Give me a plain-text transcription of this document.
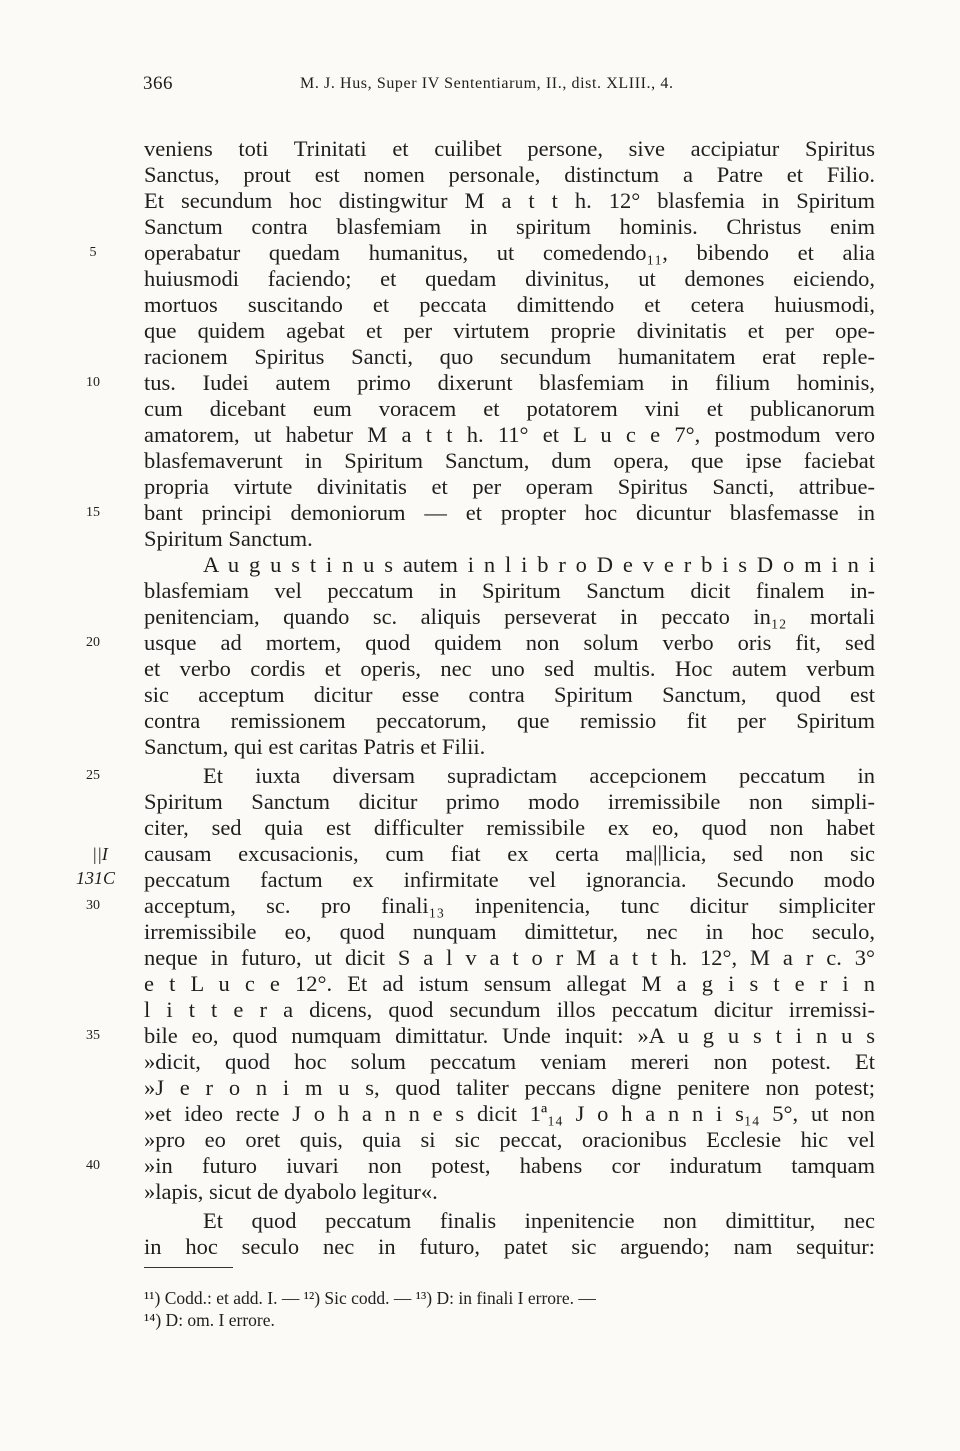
366	M. J. Hus, Super IV Sententiarum, II., dist. XLIII., 4.
veniens toti Trinitati et cuilibet persone, sive accipiatur Spiritus
Sanctus, prout est nomen personale, distinctum a Patre et Filio.
Et secundum hoc distingwitur M a t t h. 12° blasfemia in Spiritum
Sanctum contra blasfemiam in spiritum hominis. Christus enim
operabatur quedam humanitus, ut comedendo₁₁, bibendo et alia
huiusmodi faciendo; et quedam divinitus, ut demones eiciendo,
mortuos suscitando et peccata dimittendo et cetera huiusmodi,
que quidem agebat et per virtutem proprie divinitatis et per ope-
racionem Spiritus Sancti, quo secundum humanitatem erat reple-
tus. Iudei autem primo dixerunt blasfemiam in filium hominis,
cum dicebant eum voracem et potatorem vini et publicanorum
amatorem, ut habetur M a t t h. 11° et L u c e 7°, postmodum vero
blasfemaverunt in Spiritum Sanctum, dum opera, que ipse faciebat
propria virtute divinitatis et per operam Spiritus Sancti, attribue-
bant principi demoniorum — et propter hoc dicuntur blasfemasse in
Spiritum Sanctum.
A u g u s t i n u s autem i n l i b r o D e v e r b i s D o m i n i
blasfemiam vel peccatum in Spiritum Sanctum dicit finalem in-
penitenciam, quando sc. aliquis perseverat in peccato in₁₂ mortali
usque ad mortem, quod quidem non solum verbo oris fit, sed
et verbo cordis et operis, nec uno sed multis. Hoc autem verbum
sic acceptum dicitur esse contra Spiritum Sanctum, quod est
contra remissionem peccatorum, que remissio fit per Spiritum
Sanctum, qui est caritas Patris et Filii.
Et iuxta diversam supradictam accepcionem peccatum in
Spiritum Sanctum dicitur primo modo irremissibile non simpli-
citer, sed quia est difficulter remissibile ex eo, quod non habet
causam excusacionis, cum fiat ex certa ma||licia, sed non sic
peccatum factum ex infirmitate vel ignorancia. Secundo modo
acceptum, sc. pro finali₁₃ inpenitencia, tunc dicitur simpliciter
irremissibile eo, quod nunquam dimittetur, nec in hoc seculo,
neque in futuro, ut dicit S a l v a t o r M a t t h. 12°, M a r c. 3°
e t L u c e 12°. Et ad istum sensum allegat M a g i s t e r i n
l i t t e r a dicens, quod secundum illos peccatum dicitur irremissi-
bile eo, quod numquam dimittatur. Unde inquit: »A u g u s t i n u s
»dicit, quod hoc solum peccatum veniam mereri non potest. Et
»J e r o n i m u s, quod taliter peccans digne penitere non potest;
»et ideo recte J o h a n n e s dicit 1ª₁₄ J o h a n n i s₁₄ 5°, ut non
»pro eo oret quis, quia si sic peccat, oracionibus Ecclesie hic vel
»in futuro iuvari non potest, habens cor induratum tamquam
»lapis, sicut de dyabolo legitur«.
Et quod peccatum finalis inpenitencie non dimittitur, nec
in hoc seculo nec in futuro, patet sic arguendo; nam sequitur:
5
10
15
20
25
30
35
40
||I
131C
¹¹) Codd.: et add. I. — ¹²) Sic codd. — ¹³) D: in finali I errore. —
¹⁴) D: om. I errore.
